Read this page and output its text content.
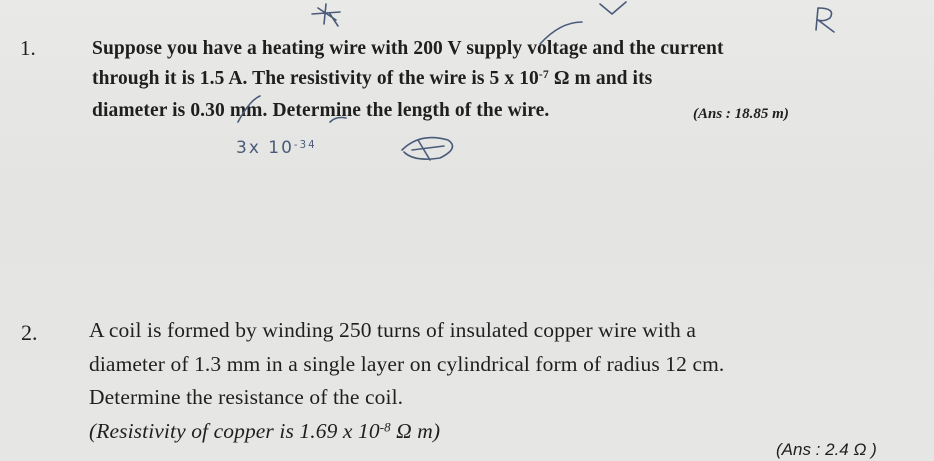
1.	Suppose you have a heating wire with 200 V supply voltage and the current
through it is 1.5 A. The resistivity of the wire is 5 x $10^{-7}$ Ω m and its
diameter is 0.30 mm. Determine the length of the wire.	(Ans : 18.85 m)
2. A coil is formed by winding 250 turns of insulated copper wire with a
diameter of 1.3 mm in a single layer on cylindrical form of radius 12 cm.
Determine the resistance of the coil.
(Resistivity of copper is 1.69 x $10^{-8}$ Ω m)
(Ans : 2.4 Ω )
3x $10^{-34}$
